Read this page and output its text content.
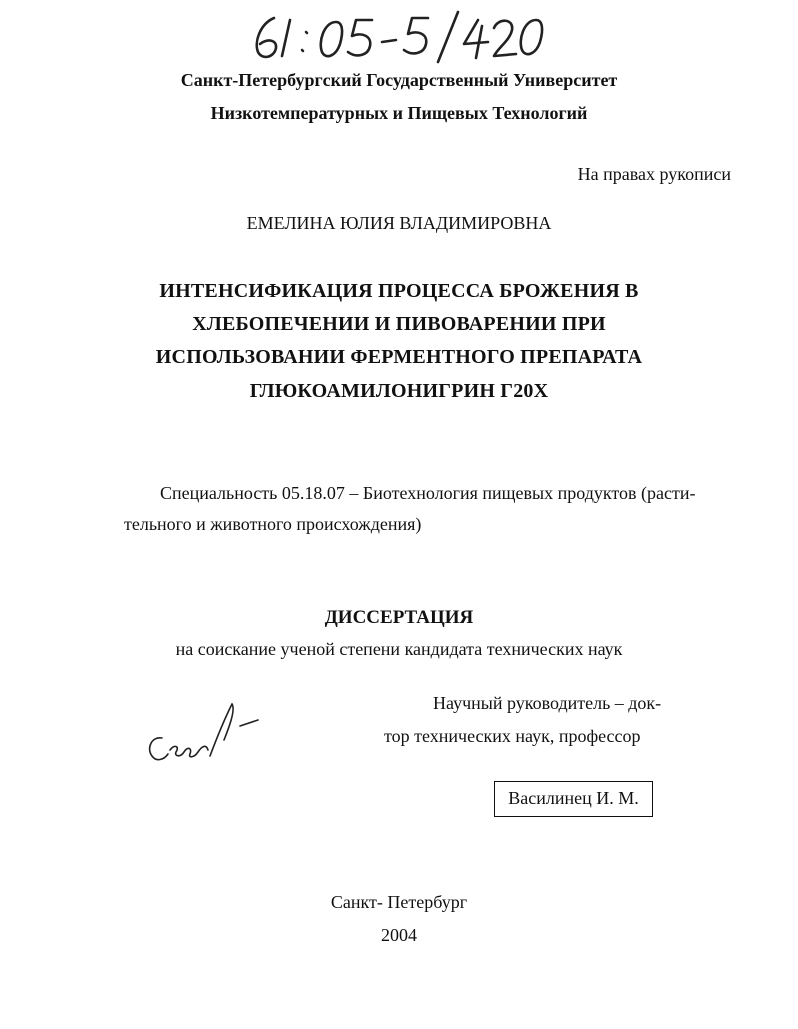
Санкт-Петербургский Государственный Университет
Низкотемпературных и Пищевых Технологий
На правах рукописи
ЕМЕЛИНА ЮЛИЯ ВЛАДИМИРОВНА
ИНТЕНСИФИКАЦИЯ ПРОЦЕССА БРОЖЕНИЯ В
ХЛЕБОПЕЧЕНИИ И ПИВОВАРЕНИИ ПРИ
ИСПОЛЬЗОВАНИИ ФЕРМЕНТНОГО ПРЕПАРАТА
ГЛЮКОАМИЛОНИГРИН Г20Х
Специальность 05.18.07 – Биотехнология пищевых продуктов (расти-
тельного и животного происхождения)
ДИССЕРТАЦИЯ
на соискание ученой степени кандидата технических наук
Научный руководитель – док-
тор технических наук, профессор
Василинец И. М.
Санкт- Петербург
2004
